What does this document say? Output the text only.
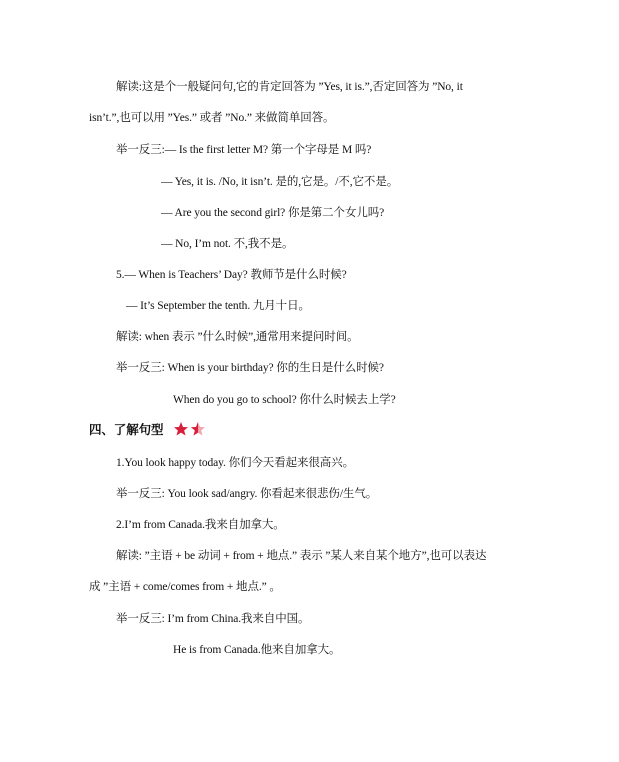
解读:这是个一般疑问句,它的肯定回答为 ”Yes, it is.”,否定回答为 ”No, it
isn’t.”,也可以用 ”Yes.” 或者 ”No.” 来做简单回答。
举一反三:— Is the first letter M? 第一个字母是 M 吗?
— Yes, it is. /No, it isn’t. 是的,它是。/不,它不是。
— Are you the second girl? 你是第二个女儿吗?
— No, I’m not. 不,我不是。
5.— When is Teachers’ Day? 教师节是什么时候?
— It’s September the tenth. 九月十日。
解读: when 表示 ”什么时候”,通常用来提问时间。
举一反三: When is your birthday? 你的生日是什么时候?
When do you go to school? 你什么时候去上学?
四、了解句型
1.You look happy today. 你们今天看起来很高兴。
举一反三: You look sad/angry. 你看起来很悲伤/生气。
2.I’m from Canada.我来自加拿大。
解读: ”主语 + be 动词 + from + 地点.” 表示 ”某人来自某个地方”,也可以表达
成 ”主语 + come/comes from + 地点.” 。
举一反三: I’m from China.我来自中国。
He is from Canada.他来自加拿大。
